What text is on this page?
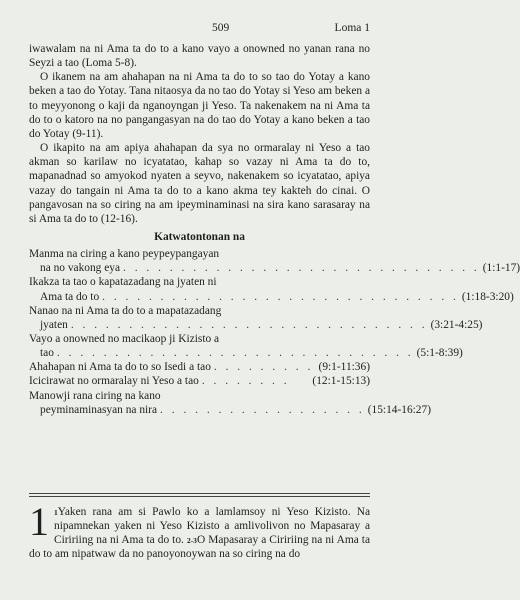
509	Loma 1

iwawalam na ni Ama ta do to a kano vayo a onowned no yanan rana no Seyzi a tao (Loma 5-8).

O ikanem na am ahahapan na ni Ama ta do to so tao do Yotay a kano beken a tao do Yotay. Tana nitaosya da no tao do Yotay si Yeso am beken a to meyyonong o kaji da nganoyngan ji Yeso. Ta nakenakem na ni Ama ta do to o katoro na no pangangasyan na do tao do Yotay a kano beken a tao do Yotay (9-11).

O ikapito na am apiya ahahapan da sya no ormaralay ni Yeso a tao akman so karilaw no icyatatao, kahap so vazay ni Ama ta do to, mapanadnad so amyokod nyaten a seyvo, nakenakem so icyatatao, apiya vazay do tangain ni Ama ta do to a kano akma tey kakteh do cinai. O pangavosan na so ciring na am ipeyminaminasi na sira kano sarasaray na si Ama ta do to (12-16).

Katwatontonan na
Manma na ciring a kano peypeypangayan
na no vakong eya . . . . . . . . . . . . . . . . . . . . . . . . . . . . . . . (1:1-17)
Ikakza ta tao o kapatazadang na jyaten ni
Ama ta do to . . . . . . . . . . . . . . . . . . . . . . . . . . . . . . . (1:18-3:20)
Nanao na ni Ama ta do to a mapatazadang
jyaten . . . . . . . . . . . . . . . . . . . . . . . . . . . . . . . (3:21-4:25)
Vayo a onowned no macikaop ji Kizisto a
tao . . . . . . . . . . . . . . . . . . . . . . . . . . . . . . . (5:1-8:39)
Ahahapan ni Ama ta do to so Isedi a tao . . . . . . . . . (9:1-11:36)
Icicirawat no ormaralay ni Yeso a tao . . . . . . . .	(12:1-15:13)
Manowji rana ciring na kano
peyminaminasyan na nira . . . . . . . . . . . . . . . . . . (15:14-16:27)
1 $^1$Yaken rana am si Pawlo ko a lamlamsoy ni Yeso Kizisto. Na nipamnekan yaken ni Yeso Kizisto a amlivolivon no Mapasaray a Ciririing na ni Ama ta do to. $^{2-3}$O Mapasaray a Ciririing na ni Ama ta do to am nipatwaw da no panoyonoywan na so ciring na do
